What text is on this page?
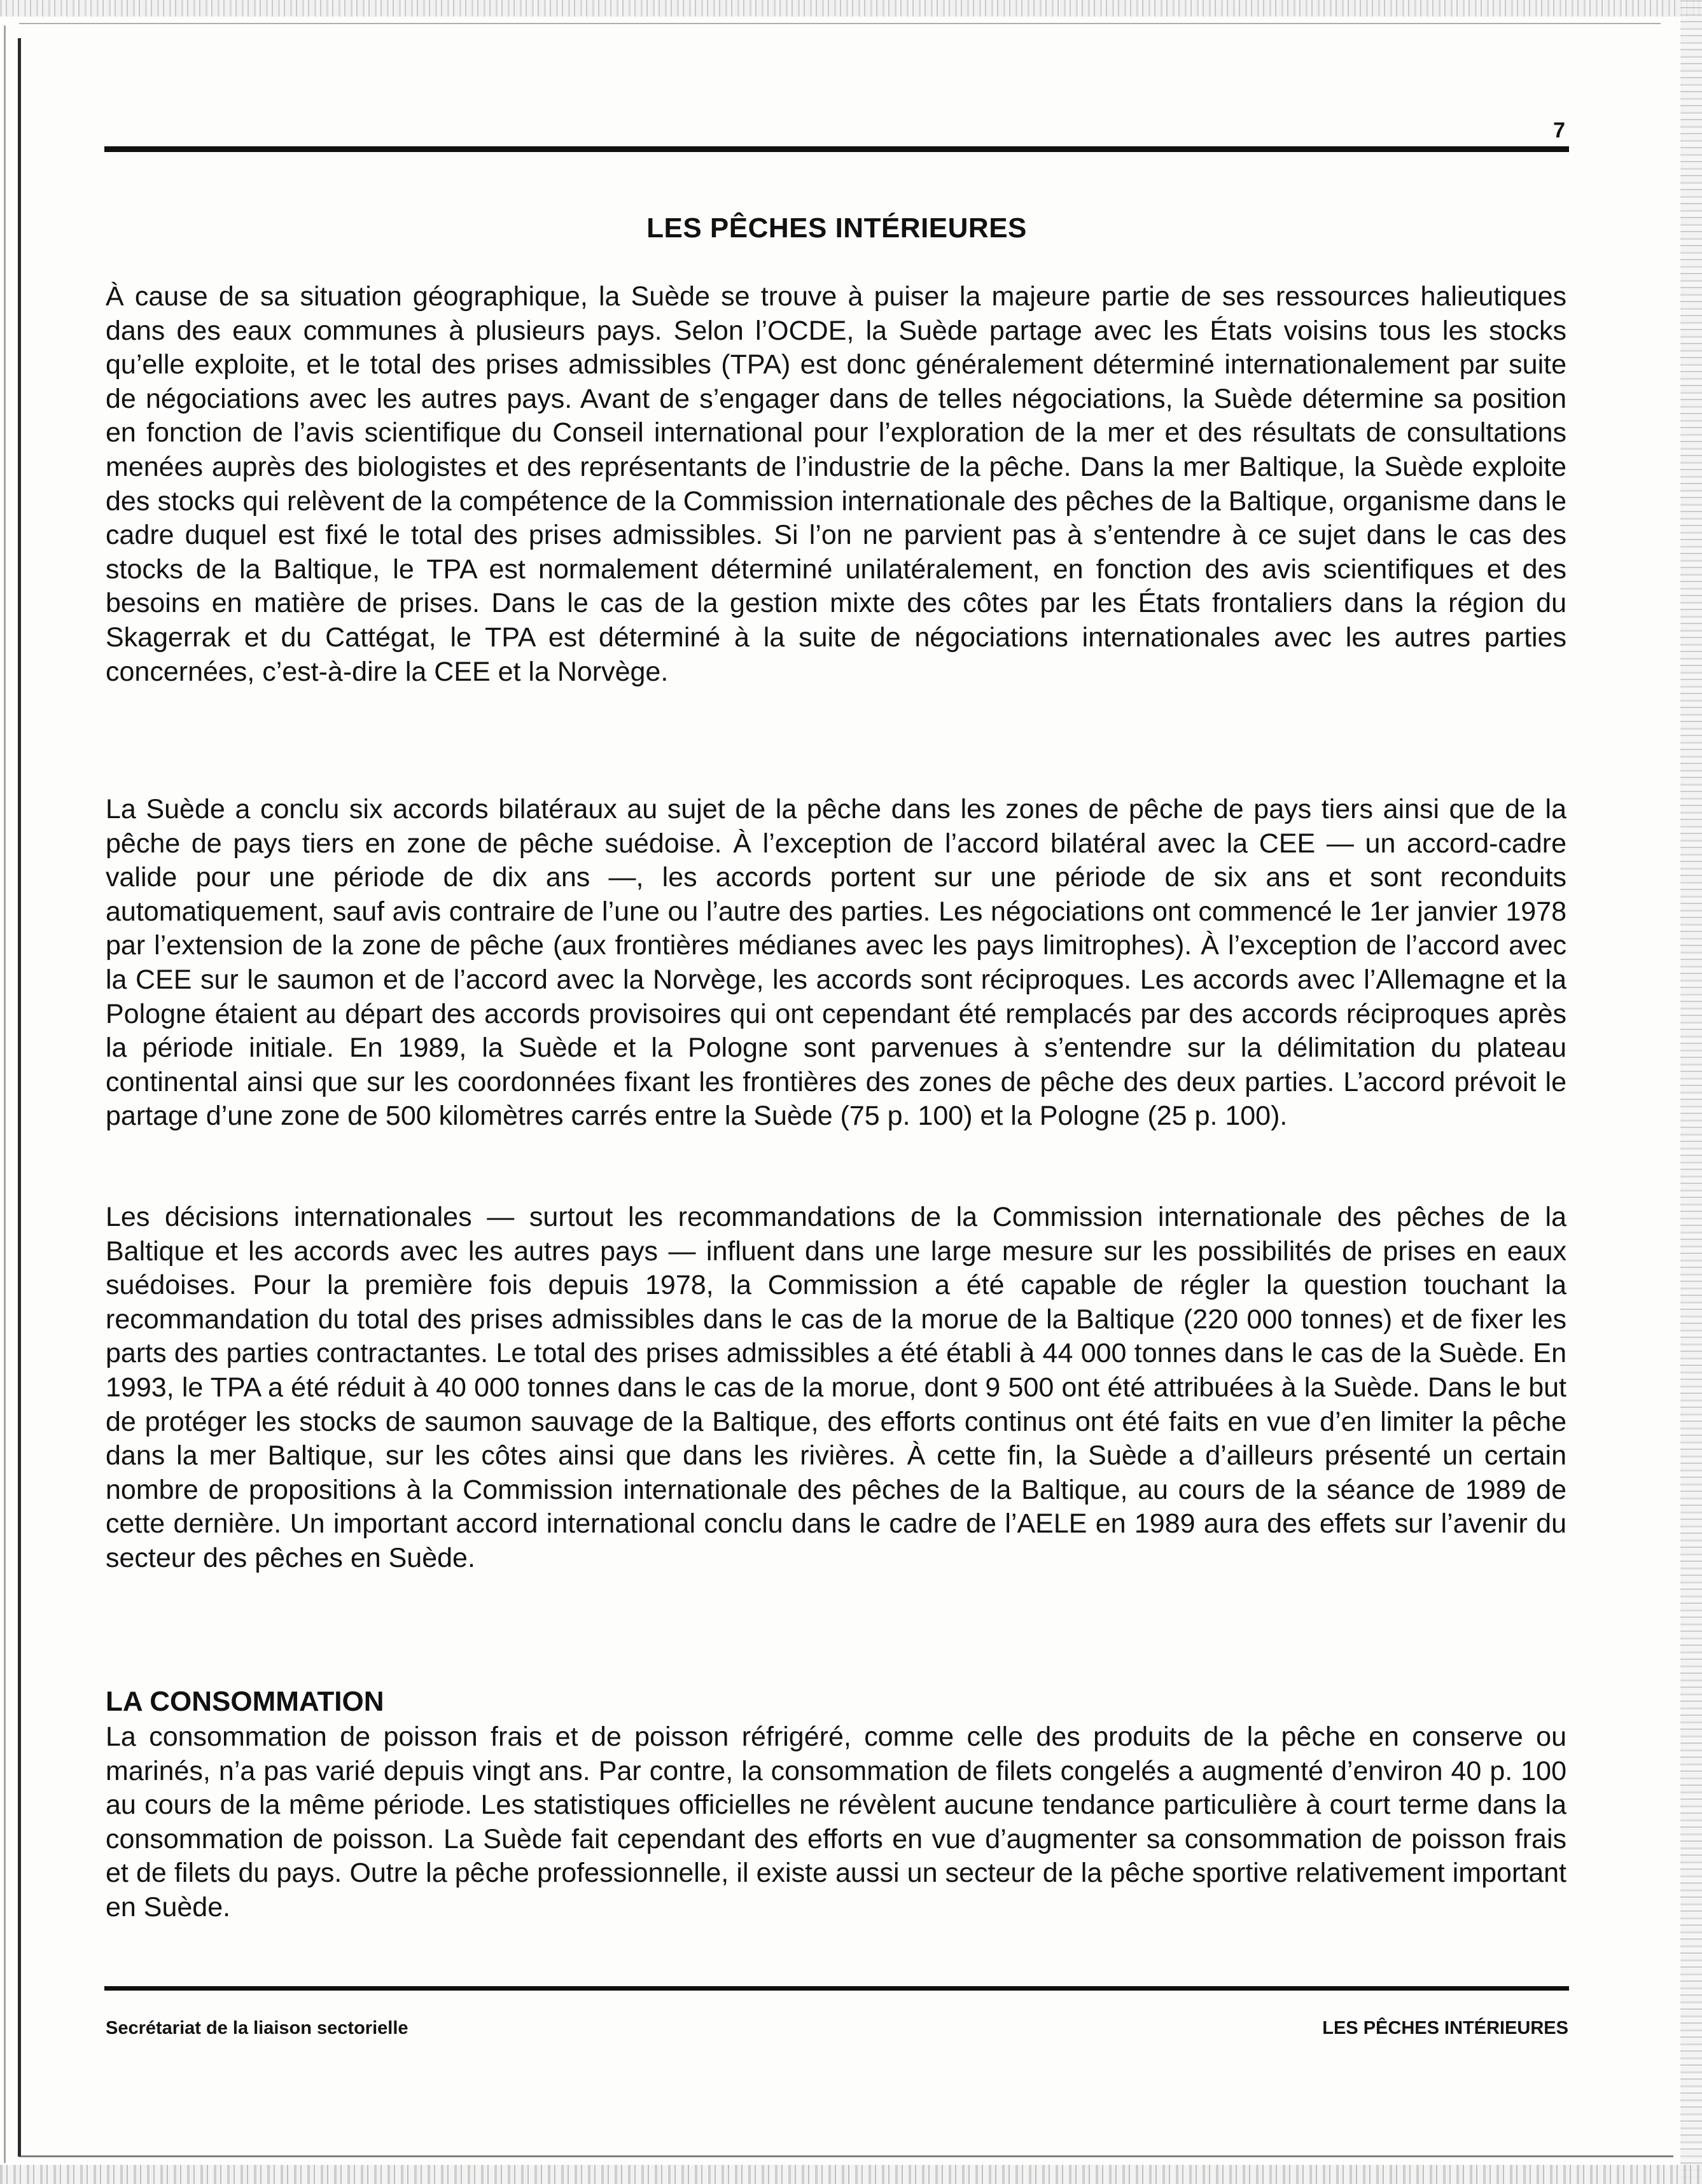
7
LES PÊCHES INTÉRIEURES

À cause de sa situation géographique, la Suède se trouve à puiser la majeure partie de ses ressources halieutiques dans des eaux communes à plusieurs pays. Selon l’OCDE, la Suède partage avec les États voisins tous les stocks qu’elle exploite, et le total des prises admissibles (TPA) est donc généralement déterminé internationalement par suite de négociations avec les autres pays. Avant de s’engager dans de telles négociations, la Suède détermine sa position en fonction de l’avis scientifique du Conseil international pour l’exploration de la mer et des résultats de consultations menées auprès des biologistes et des représentants de l’industrie de la pêche. Dans la mer Baltique, la Suède exploite des stocks qui relèvent de la compétence de la Commission internationale des pêches de la Baltique, organisme dans le cadre duquel est fixé le total des prises admissibles. Si l’on ne parvient pas à s’entendre à ce sujet dans le cas des stocks de la Baltique, le TPA est normalement déterminé unilatéralement, en fonction des avis scientifiques et des besoins en matière de prises. Dans le cas de la gestion mixte des côtes par les États frontaliers dans la région du Skagerrak et du Cattégat, le TPA est déterminé à la suite de négociations internationales avec les autres parties concernées, c’est-à-dire la CEE et la Norvège.

La Suède a conclu six accords bilatéraux au sujet de la pêche dans les zones de pêche de pays tiers ainsi que de la pêche de pays tiers en zone de pêche suédoise. À l’exception de l’accord bilatéral avec la CEE — un accord-cadre valide pour une période de dix ans —, les accords portent sur une période de six ans et sont reconduits automatiquement, sauf avis contraire de l’une ou l’autre des parties. Les négociations ont commencé le 1er janvier 1978 par l’extension de la zone de pêche (aux frontières médianes avec les pays limitrophes). À l’exception de l’accord avec la CEE sur le saumon et de l’accord avec la Norvège, les accords sont réciproques. Les accords avec l’Allemagne et la Pologne étaient au départ des accords provisoires qui ont cependant été remplacés par des accords réciproques après la période initiale. En 1989, la Suède et la Pologne sont parvenues à s’entendre sur la délimitation du plateau continental ainsi que sur les coordonnées fixant les frontières des zones de pêche des deux parties. L’accord prévoit le partage d’une zone de 500 kilomètres carrés entre la Suède (75 p. 100) et la Pologne (25 p. 100).

Les décisions internationales — surtout les recommandations de la Commission internationale des pêches de la Baltique et les accords avec les autres pays — influent dans une large mesure sur les possibilités de prises en eaux suédoises. Pour la première fois depuis 1978, la Commission a été capable de régler la question touchant la recommandation du total des prises admissibles dans le cas de la morue de la Baltique (220 000 tonnes) et de fixer les parts des parties contractantes. Le total des prises admissibles a été établi à 44 000 tonnes dans le cas de la Suède. En 1993, le TPA a été réduit à 40 000 tonnes dans le cas de la morue, dont 9 500 ont été attribuées à la Suède. Dans le but de protéger les stocks de saumon sauvage de la Baltique, des efforts continus ont été faits en vue d’en limiter la pêche dans la mer Baltique, sur les côtes ainsi que dans les rivières. À cette fin, la Suède a d’ailleurs présenté un certain nombre de propositions à la Commission internationale des pêches de la Baltique, au cours de la séance de 1989 de cette dernière. Un important accord international conclu dans le cadre de l’AELE en 1989 aura des effets sur l’avenir du secteur des pêches en Suède.

LA CONSOMMATION

La consommation de poisson frais et de poisson réfrigéré, comme celle des produits de la pêche en conserve ou marinés, n’a pas varié depuis vingt ans. Par contre, la consommation de filets congelés a augmenté d’environ 40 p. 100 au cours de la même période. Les statistiques officielles ne révèlent aucune tendance particulière à court terme dans la consommation de poisson. La Suède fait cependant des efforts en vue d’augmenter sa consommation de poisson frais et de filets du pays. Outre la pêche professionnelle, il existe aussi un secteur de la pêche sportive relativement important en Suède.

Secrétariat de la liaison sectorielle	LES PÊCHES INTÉRIEURES
